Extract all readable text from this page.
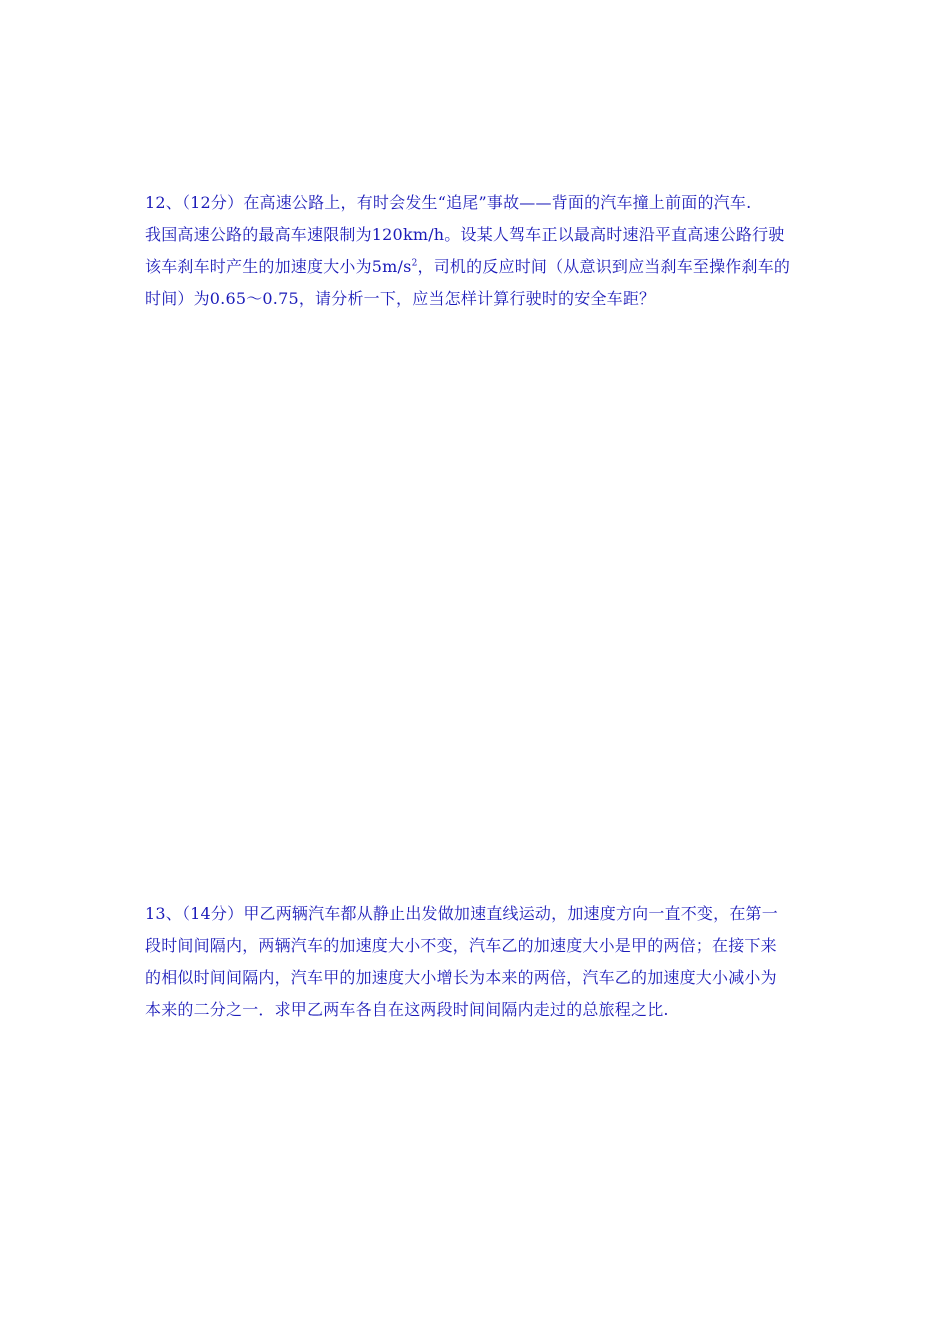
12、（12分）在高速公路上，有时会发生“追尾”事故——背面的汽车撞上前面的汽车.
我国高速公路的最高车速限制为120km/h。设某人驾车正以最高时速沿平直高速公路行驶
该车刹车时产生的加速度大小为$5m/s^2$，司机的反应时间（从意识到应当刹车至操作刹车的
时间）为0.65～0.75，请分析一下，应当怎样计算行驶时的安全车距？
13、（14分）甲乙两辆汽车都从静止出发做加速直线运动，加速度方向一直不变，在第一
段时间间隔内，两辆汽车的加速度大小不变，汽车乙的加速度大小是甲的两倍；在接下来
的相似时间间隔内，汽车甲的加速度大小增长为本来的两倍，汽车乙的加速度大小减小为
本来的二分之一．求甲乙两车各自在这两段时间间隔内走过的总旅程之比.
